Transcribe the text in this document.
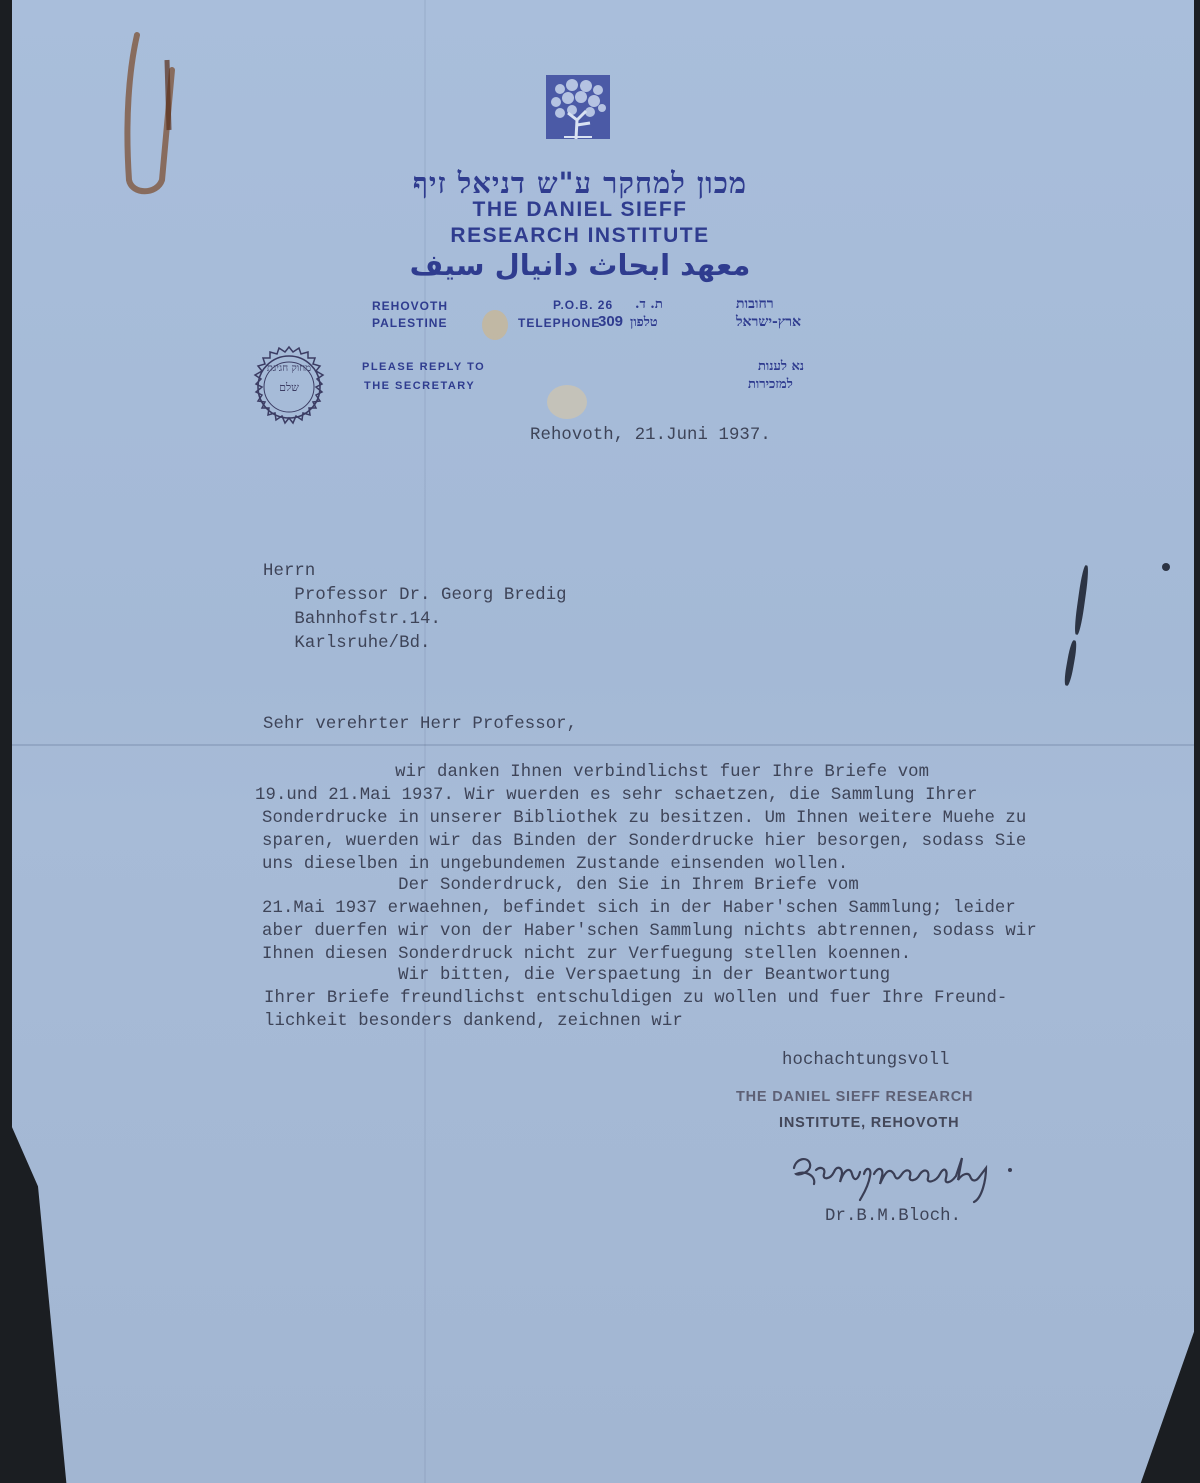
מכון למחקר ע"ש דניאל זיף
THE DANIEL SIEFF
RESEARCH INSTITUTE
معهد ابحاث دانيال سيف
REHOVOTH
PALESTINE
P.O.B. 26 ת. ד.
TELEPHONE
309 טלפון
רחובות
ארץ-ישראל
PLEASE REPLY TO
THE SECRETARY
נא לענות
למזכירות
מחוק חגיגת
שלם
Rehovoth, 21.Juni 1937.
Herrn
Professor Dr. Georg Bredig
Bahnhofstr.14.
Karlsruhe/Bd.
Sehr verehrter Herr Professor,
wir danken Ihnen verbindlichst fuer Ihre Briefe vom
19.und 21.Mai 1937. Wir wuerden es sehr schaetzen, die Sammlung Ihrer
Sonderdrucke in unserer Bibliothek zu besitzen. Um Ihnen weitere Muehe zu
sparen, wuerden wir das Binden der Sonderdrucke hier besorgen, sodass Sie
uns dieselben in ungebundemen Zustande einsenden wollen.
Der Sonderdruck, den Sie in Ihrem Briefe vom
21.Mai 1937 erwaehnen, befindet sich in der Haber'schen Sammlung; leider
aber duerfen wir von der Haber'schen Sammlung nichts abtrennen, sodass wir
Ihnen diesen Sonderdruck nicht zur Verfuegung stellen koennen.
Wir bitten, die Verspaetung in der Beantwortung
Ihrer Briefe freundlichst entschuldigen zu wollen und fuer Ihre Freund-
lichkeit besonders dankend, zeichnen wir
hochachtungsvoll
THE DANIEL SIEFF RESEARCH
INSTITUTE, REHOVOTH
Dr.B.M.Bloch.
